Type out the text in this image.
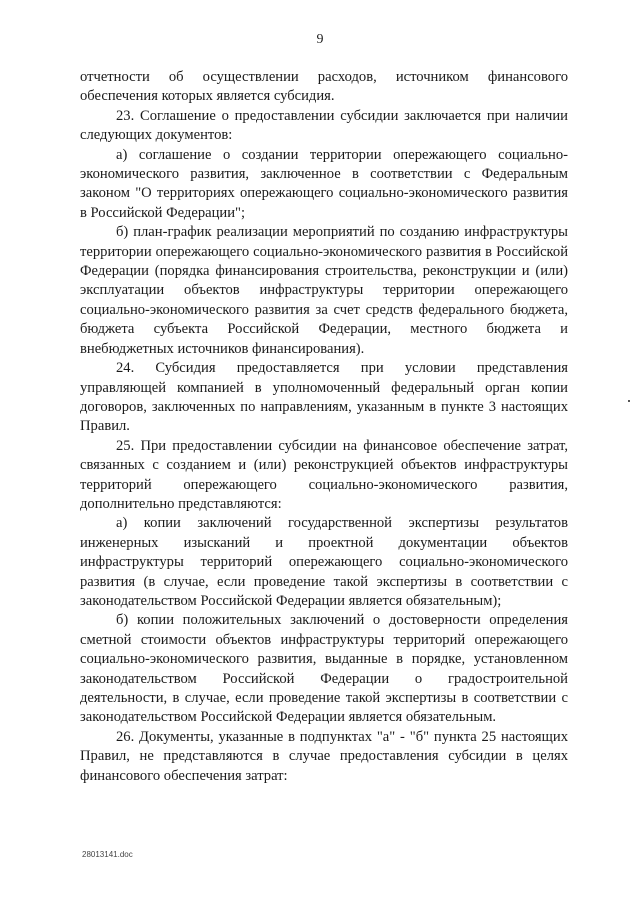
9

отчетности об осуществлении расходов, источником финансового обеспечения которых является субсидия.

23. Соглашение о предоставлении субсидии заключается при наличии следующих документов:

а) соглашение о создании территории опережающего социально-экономического развития, заключенное в соответствии с Федеральным законом "О территориях опережающего социально-экономического развития в Российской Федерации";

б) план-график реализации мероприятий по созданию инфраструктуры территории опережающего социально-экономического развития в Российской Федерации (порядка финансирования строительства, реконструкции и (или) эксплуатации объектов инфраструктуры территории опережающего социально-экономического развития за счет средств федерального бюджета, бюджета субъекта Российской Федерации, местного бюджета и внебюджетных источников финансирования).

24. Субсидия предоставляется при условии представления управляющей компанией в уполномоченный федеральный орган копии договоров, заключенных по направлениям, указанным в пункте 3 настоящих Правил.

25. При предоставлении субсидии на финансовое обеспечение затрат, связанных с созданием и (или) реконструкцией объектов инфраструктуры территорий опережающего социально-экономического развития, дополнительно представляются:

а) копии заключений государственной экспертизы результатов инженерных изысканий и проектной документации объектов инфраструктуры территорий опережающего социально-экономического развития (в случае, если проведение такой экспертизы в соответствии с законодательством Российской Федерации является обязательным);

б) копии положительных заключений о достоверности определения сметной стоимости объектов инфраструктуры территорий опережающего социально-экономического развития, выданные в порядке, установленном законодательством Российской Федерации о градостроительной деятельности, в случае, если проведение такой экспертизы в соответствии с законодательством Российской Федерации является обязательным.

26. Документы, указанные в подпунктах "а" - "б" пункта 25 настоящих Правил, не представляются в случае предоставления субсидии в целях финансового обеспечения затрат:

28013141.doc
